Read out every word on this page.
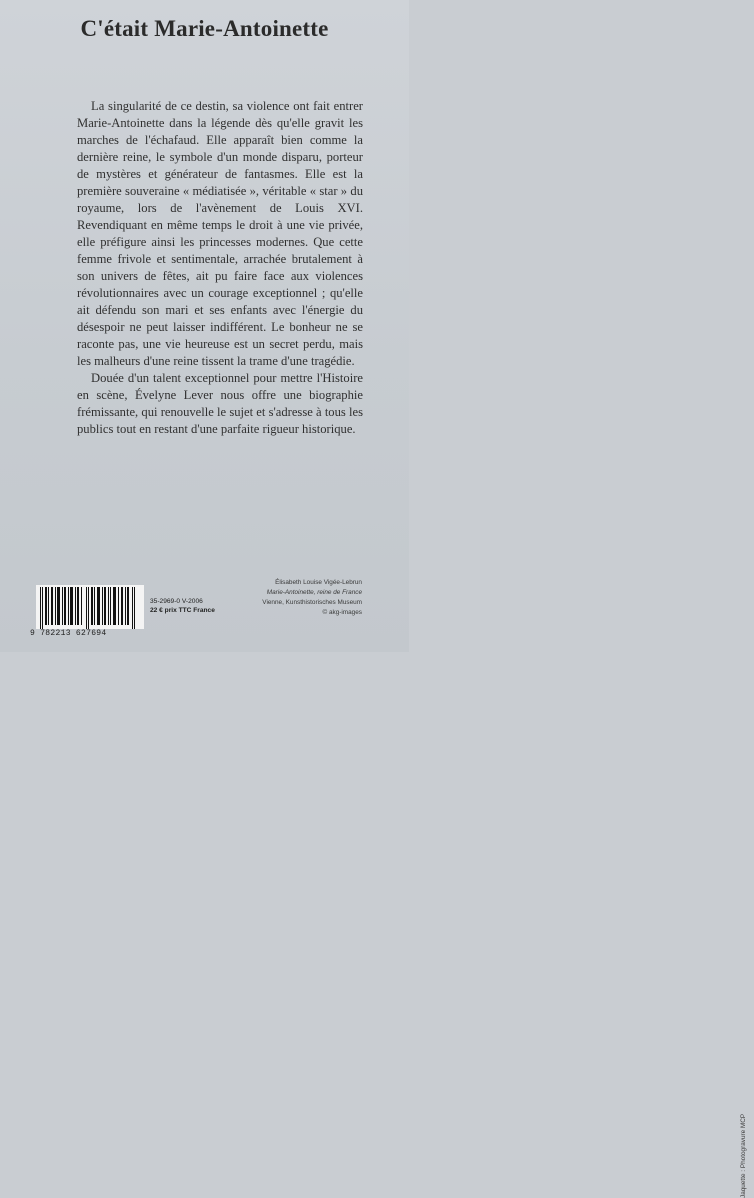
C'était Marie-Antoinette

La singularité de ce destin, sa violence ont fait entrer Marie-Antoinette dans la légende dès qu'elle gravit les marches de l'échafaud. Elle apparaît bien comme la dernière reine, le symbole d'un monde disparu, porteur de mystères et générateur de fantasmes. Elle est la première souveraine « médiatisée », véritable « star » du royaume, lors de l'avènement de Louis XVI. Revendiquant en même temps le droit à une vie privée, elle préfigure ainsi les princesses modernes. Que cette femme frivole et sentimentale, arrachée brutalement à son univers de fêtes, ait pu faire face aux violences révolutionnaires avec un courage exceptionnel ; qu'elle ait défendu son mari et ses enfants avec l'énergie du désespoir ne peut laisser indifférent. Le bonheur ne se raconte pas, une vie heureuse est un secret perdu, mais les malheurs d'une reine tissent la trame d'une tragédie.

Douée d'un talent exceptionnel pour mettre l'Histoire en scène, Évelyne Lever nous offre une biographie frémissante, qui renouvelle le sujet et s'adresse à tous les publics tout en restant d'une parfaite rigueur historique.

9 782213 627694
35-2969-0 V-2006
22 € prix TTC France
Élisabeth Louise Vigée-Lebrun
Marie-Antoinette, reine de France
Vienne, Kunsthistorisches Museum
© akg-images
Jaquette : Photogravure MCP
